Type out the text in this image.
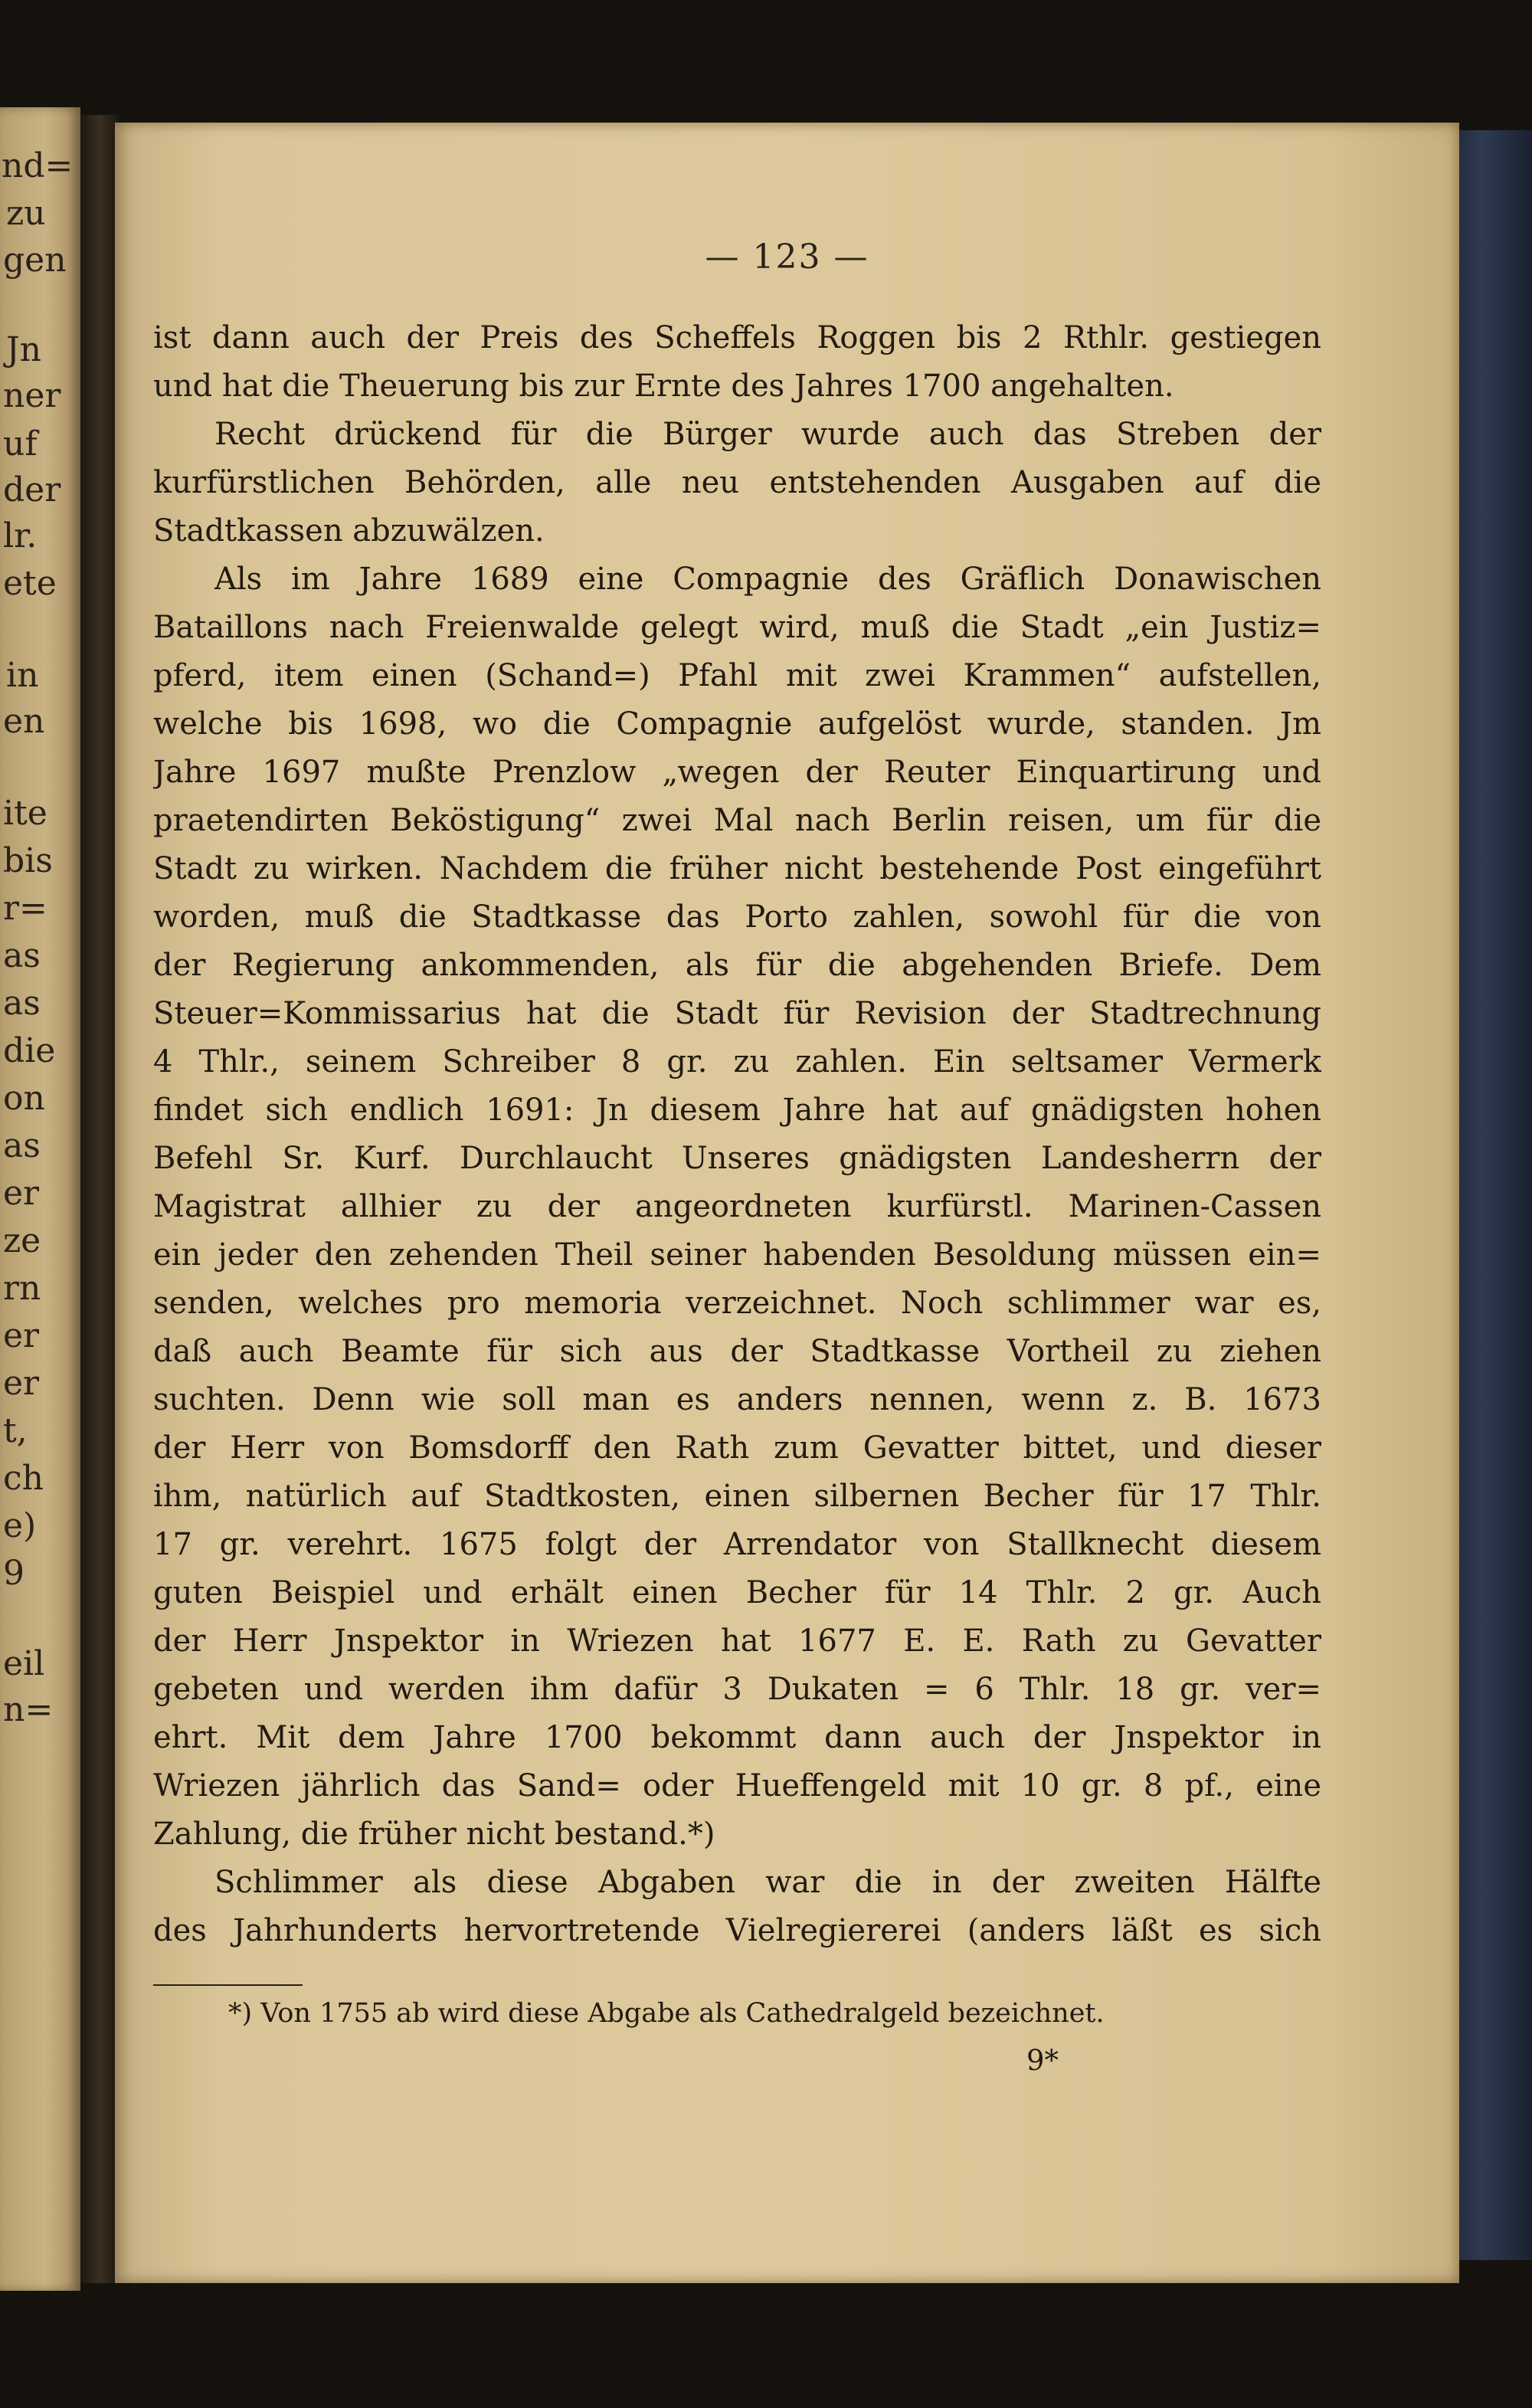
nd=
zu
gen
Jn
ner
uf
der
lr.
ete
in
en
ite
bis
r=
as
as
die
on
as
er
ze
rn
er
er
t,
ch
e)
9
eil
n=
— 123 —
ist dann auch der Preis des Scheffels Roggen bis 2 Rthlr. gestiegen
und hat die Theuerung bis zur Ernte des Jahres 1700 angehalten.
Recht drückend für die Bürger wurde auch das Streben der
kurfürstlichen Behörden, alle neu entstehenden Ausgaben auf die
Stadtkassen abzuwälzen.
Als im Jahre 1689 eine Compagnie des Gräflich Donawischen
Bataillons nach Freienwalde gelegt wird, muß die Stadt „ein Justiz=
pferd, item einen (Schand=) Pfahl mit zwei Krammen“ aufstellen,
welche bis 1698, wo die Compagnie aufgelöst wurde, standen. Jm
Jahre 1697 mußte Prenzlow „wegen der Reuter Einquartirung und
praetendirten Beköstigung“ zwei Mal nach Berlin reisen, um für die
Stadt zu wirken. Nachdem die früher nicht bestehende Post eingeführt
worden, muß die Stadtkasse das Porto zahlen, sowohl für die von
der Regierung ankommenden, als für die abgehenden Briefe. Dem
Steuer=Kommissarius hat die Stadt für Revision der Stadtrechnung
4 Thlr., seinem Schreiber 8 gr. zu zahlen. Ein seltsamer Vermerk
findet sich endlich 1691: Jn diesem Jahre hat auf gnädigsten hohen
Befehl Sr. Kurf. Durchlaucht Unseres gnädigsten Landesherrn der
Magistrat allhier zu der angeordneten kurfürstl. Marinen-Cassen
ein jeder den zehenden Theil seiner habenden Besoldung müssen ein=
senden, welches pro memoria verzeichnet. Noch schlimmer war es,
daß auch Beamte für sich aus der Stadtkasse Vortheil zu ziehen
suchten. Denn wie soll man es anders nennen, wenn z. B. 1673
der Herr von Bomsdorff den Rath zum Gevatter bittet, und dieser
ihm, natürlich auf Stadtkosten, einen silbernen Becher für 17 Thlr.
17 gr. verehrt. 1675 folgt der Arrendator von Stallknecht diesem
guten Beispiel und erhält einen Becher für 14 Thlr. 2 gr. Auch
der Herr Jnspektor in Wriezen hat 1677 E. E. Rath zu Gevatter
gebeten und werden ihm dafür 3 Dukaten = 6 Thlr. 18 gr. ver=
ehrt. Mit dem Jahre 1700 bekommt dann auch der Jnspektor in
Wriezen jährlich das Sand= oder Hueffengeld mit 10 gr. 8 pf., eine
Zahlung, die früher nicht bestand.*)
Schlimmer als diese Abgaben war die in der zweiten Hälfte
des Jahrhunderts hervortretende Vielregiererei (anders läßt es sich
*) Von 1755 ab wird diese Abgabe als Cathedralgeld bezeichnet.
9*
